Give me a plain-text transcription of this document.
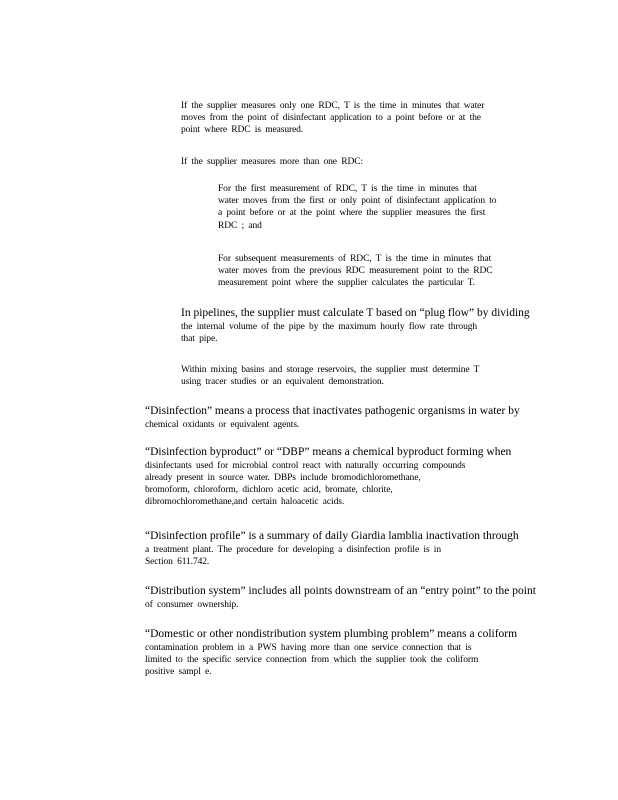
If the supplier measures only one RDC, T is the time in minutes that water
moves from the point of disinfectant application to a point before or at the
point where RDC is measured.
If the supplier measures more than one RDC:
For the first measurement of RDC, T is the time in minutes that
water moves from the first or only point of disinfectant application to
a point before or at the point where the supplier measures the first
RDC ; and
For subsequent measurements of RDC, T is the time in minutes that
water moves from the previous RDC measurement point to the RDC
measurement point where the supplier calculates the particular T.
In pipelines, the supplier must calculate T based on “plug flow” by dividing
the internal volume of the pipe by the maximum hourly flow rate through
that pipe.
Within mixing basins and storage reservoirs, the supplier must determine T
using tracer studies or an equivalent demonstration.
“Disinfection” means a process that inactivates pathogenic organisms in water by
chemical oxidants or equivalent agents.
“Disinfection byproduct” or “DBP” means a chemical byproduct forming when
disinfectants used for microbial control react with naturally occurring compounds
already present in source water. DBPs include bromodichloromethane,
bromoform, chloroform, dichloro acetic acid, bromate, chlorite,
dibromochloromethane,and certain haloacetic acids.
“Disinfection profile” is a summary of daily Giardia lamblia inactivation through
a treatment plant. The procedure for developing a disinfection profile is in
Section 611.742.
“Distribution system” includes all points downstream of an “entry point” to the point
of consumer ownership.
“Domestic or other nondistribution system plumbing problem” means a coliform
contamination problem in a PWS having more than one service connection that is
limited to the specific service connection from which the supplier took the coliform
positive sampl e.
